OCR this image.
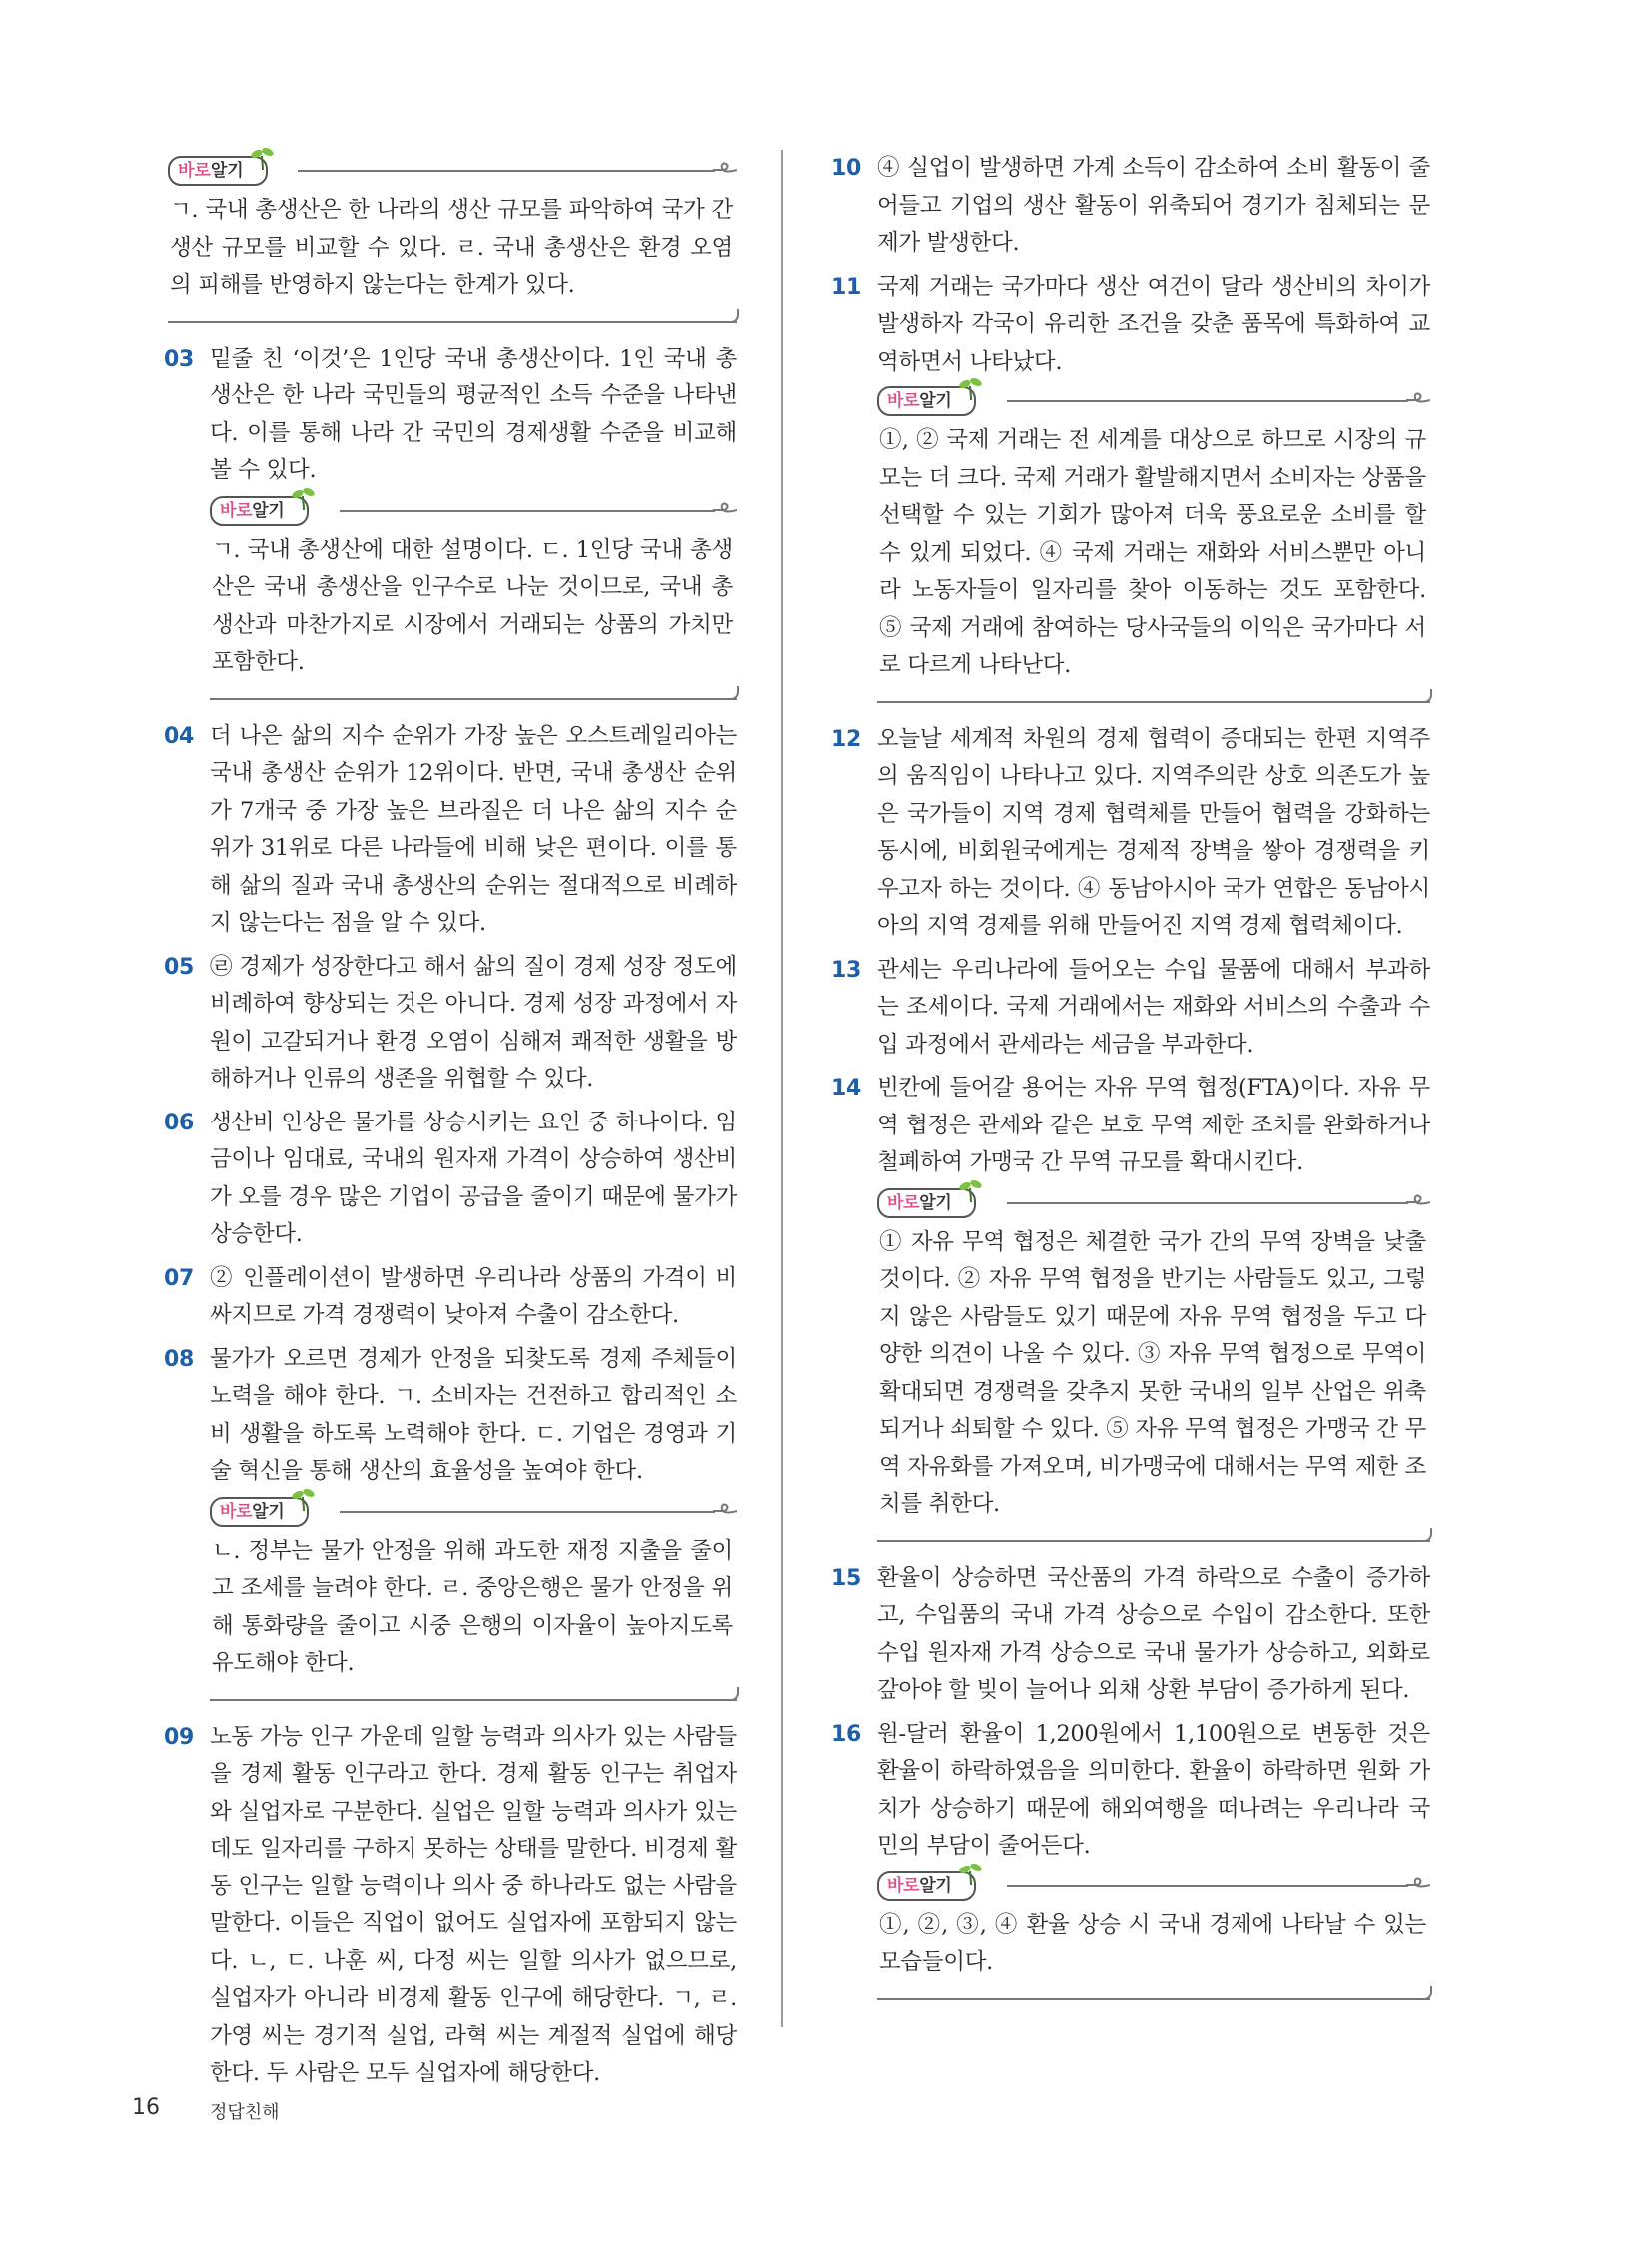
바로알기
ㄱ. 국내 총생산은 한 나라의 생산 규모를 파악하여 국가 간 생산 규모를 비교할 수 있다. ㄹ. 국내 총생산은 환경 오염의 피해를 반영하지 않는다는 한계가 있다.
03 밑줄 친 ‘이것’은 1인당 국내 총생산이다. 1인 국내 총생산은 한 나라 국민들의 평균적인 소득 수준을 나타낸다. 이를 통해 나라 간 국민의 경제생활 수준을 비교해 볼 수 있다.

바로알기
ㄱ. 국내 총생산에 대한 설명이다. ㄷ. 1인당 국내 총생산은 국내 총생산을 인구수로 나눈 것이므로, 국내 총생산과 마찬가지로 시장에서 거래되는 상품의 가치만 포함한다.
04 더 나은 삶의 지수 순위가 가장 높은 오스트레일리아는 국내 총생산 순위가 12위이다. 반면, 국내 총생산 순위가 7개국 중 가장 높은 브라질은 더 나은 삶의 지수 순위가 31위로 다른 나라들에 비해 낮은 편이다. 이를 통해 삶의 질과 국내 총생산의 순위는 절대적으로 비례하지 않는다는 점을 알 수 있다.

05 ㉣ 경제가 성장한다고 해서 삶의 질이 경제 성장 정도에 비례하여 향상되는 것은 아니다. 경제 성장 과정에서 자원이 고갈되거나 환경 오염이 심해져 쾌적한 생활을 방해하거나 인류의 생존을 위협할 수 있다.

06 생산비 인상은 물가를 상승시키는 요인 중 하나이다. 임금이나 임대료, 국내외 원자재 가격이 상승하여 생산비가 오를 경우 많은 기업이 공급을 줄이기 때문에 물가가 상승한다.

07 ② 인플레이션이 발생하면 우리나라 상품의 가격이 비싸지므로 가격 경쟁력이 낮아져 수출이 감소한다.

08 물가가 오르면 경제가 안정을 되찾도록 경제 주체들이 노력을 해야 한다. ㄱ. 소비자는 건전하고 합리적인 소비 생활을 하도록 노력해야 한다. ㄷ. 기업은 경영과 기술 혁신을 통해 생산의 효율성을 높여야 한다.

바로알기
ㄴ. 정부는 물가 안정을 위해 과도한 재정 지출을 줄이고 조세를 늘려야 한다. ㄹ. 중앙은행은 물가 안정을 위해 통화량을 줄이고 시중 은행의 이자율이 높아지도록 유도해야 한다.
09 노동 가능 인구 가운데 일할 능력과 의사가 있는 사람들을 경제 활동 인구라고 한다. 경제 활동 인구는 취업자와 실업자로 구분한다. 실업은 일할 능력과 의사가 있는데도 일자리를 구하지 못하는 상태를 말한다. 비경제 활동 인구는 일할 능력이나 의사 중 하나라도 없는 사람을 말한다. 이들은 직업이 없어도 실업자에 포함되지 않는다. ㄴ, ㄷ. 나훈 씨, 다정 씨는 일할 의사가 없으므로, 실업자가 아니라 비경제 활동 인구에 해당한다. ㄱ, ㄹ. 가영 씨는 경기적 실업, 라혁 씨는 계절적 실업에 해당한다. 두 사람은 모두 실업자에 해당한다.

10 ④ 실업이 발생하면 가계 소득이 감소하여 소비 활동이 줄어들고 기업의 생산 활동이 위축되어 경기가 침체되는 문제가 발생한다.

11 국제 거래는 국가마다 생산 여건이 달라 생산비의 차이가 발생하자 각국이 유리한 조건을 갖춘 품목에 특화하여 교역하면서 나타났다.

바로알기
①, ② 국제 거래는 전 세계를 대상으로 하므로 시장의 규모는 더 크다. 국제 거래가 활발해지면서 소비자는 상품을 선택할 수 있는 기회가 많아져 더욱 풍요로운 소비를 할 수 있게 되었다. ④ 국제 거래는 재화와 서비스뿐만 아니라 노동자들이 일자리를 찾아 이동하는 것도 포함한다. ⑤ 국제 거래에 참여하는 당사국들의 이익은 국가마다 서로 다르게 나타난다.
12 오늘날 세계적 차원의 경제 협력이 증대되는 한편 지역주의 움직임이 나타나고 있다. 지역주의란 상호 의존도가 높은 국가들이 지역 경제 협력체를 만들어 협력을 강화하는 동시에, 비회원국에게는 경제적 장벽을 쌓아 경쟁력을 키우고자 하는 것이다. ④ 동남아시아 국가 연합은 동남아시아의 지역 경제를 위해 만들어진 지역 경제 협력체이다.

13 관세는 우리나라에 들어오는 수입 물품에 대해서 부과하는 조세이다. 국제 거래에서는 재화와 서비스의 수출과 수입 과정에서 관세라는 세금을 부과한다.

14 빈칸에 들어갈 용어는 자유 무역 협정(FTA)이다. 자유 무역 협정은 관세와 같은 보호 무역 제한 조치를 완화하거나 철폐하여 가맹국 간 무역 규모를 확대시킨다.

바로알기
① 자유 무역 협정은 체결한 국가 간의 무역 장벽을 낮출 것이다. ② 자유 무역 협정을 반기는 사람들도 있고, 그렇지 않은 사람들도 있기 때문에 자유 무역 협정을 두고 다양한 의견이 나올 수 있다. ③ 자유 무역 협정으로 무역이 확대되면 경쟁력을 갖추지 못한 국내의 일부 산업은 위축되거나 쇠퇴할 수 있다. ⑤ 자유 무역 협정은 가맹국 간 무역 자유화를 가져오며, 비가맹국에 대해서는 무역 제한 조치를 취한다.
15 환율이 상승하면 국산품의 가격 하락으로 수출이 증가하고, 수입품의 국내 가격 상승으로 수입이 감소한다. 또한 수입 원자재 가격 상승으로 국내 물가가 상승하고, 외화로 갚아야 할 빚이 늘어나 외채 상환 부담이 증가하게 된다.

16 원-달러 환율이 1,200원에서 1,100원으로 변동한 것은 환율이 하락하였음을 의미한다. 환율이 하락하면 원화 가치가 상승하기 때문에 해외여행을 떠나려는 우리나라 국민의 부담이 줄어든다.

바로알기
①, ②, ③, ④ 환율 상승 시 국내 경제에 나타날 수 있는 모습들이다.
16	정답친해
